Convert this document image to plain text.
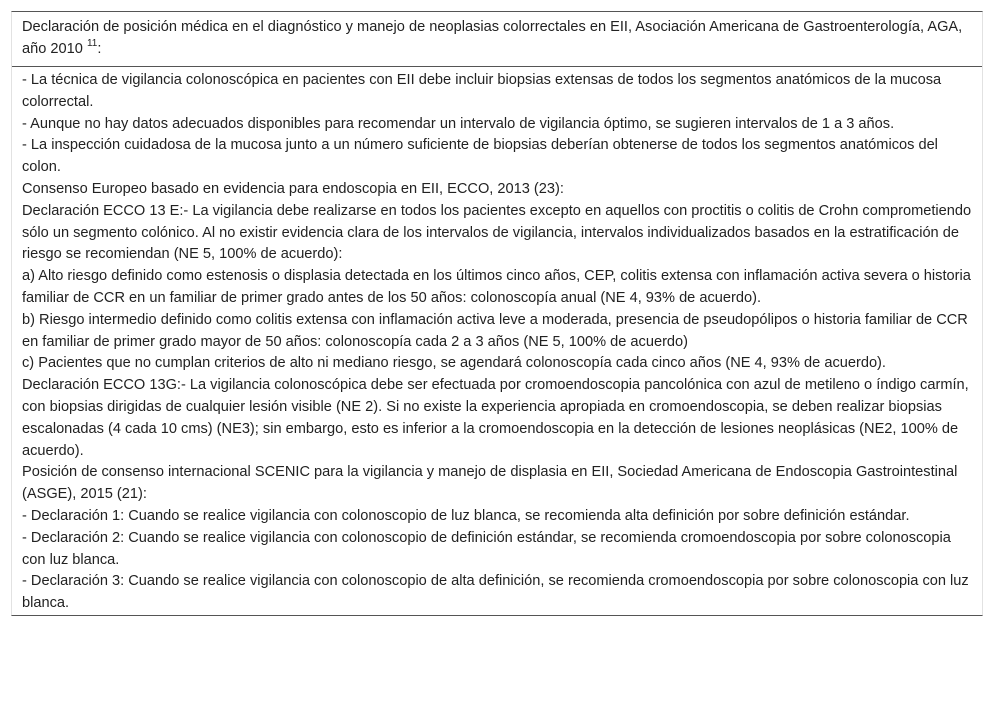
Declaración de posición médica en el diagnóstico y manejo de neoplasias colorrectales en EII, Asociación Americana de Gastroenterología, AGA, año 2010 $^{11}$:

- La técnica de vigilancia colonoscópica en pacientes con EII debe incluir biopsias extensas de todos los segmentos anatómicos de la mucosa colorrectal.

- Aunque no hay datos adecuados disponibles para recomendar un intervalo de vigilancia óptimo, se sugieren intervalos de 1 a 3 años.

- La inspección cuidadosa de la mucosa junto a un número suficiente de biopsias deberían obtenerse de todos los segmentos anatómicos del colon.

Consenso Europeo basado en evidencia para endoscopia en EII, ECCO, 2013 (23):

Declaración ECCO 13 E:- La vigilancia debe realizarse en todos los pacientes excepto en aquellos con proctitis o colitis de Crohn comprometiendo sólo un segmento colónico. Al no existir evidencia clara de los intervalos de vigilancia, intervalos individualizados basados en la estratificación de riesgo se recomiendan (NE 5, 100% de acuerdo):

a) Alto riesgo definido como estenosis o displasia detectada en los últimos cinco años, CEP, colitis extensa con inflamación activa severa o historia familiar de CCR en un familiar de primer grado antes de los 50 años: colonoscopía anual (NE 4, 93% de acuerdo).

b) Riesgo intermedio definido como colitis extensa con inflamación activa leve a moderada, presencia de pseudopólipos o historia familiar de CCR en familiar de primer grado mayor de 50 años: colonoscopía cada 2 a 3 años (NE 5, 100% de acuerdo)

c) Pacientes que no cumplan criterios de alto ni mediano riesgo, se agendará colonoscopía cada cinco años (NE 4, 93% de acuerdo).

Declaración ECCO 13G:- La vigilancia colonoscópica debe ser efectuada por cromoendoscopia pancolónica con azul de metileno o índigo carmín, con biopsias dirigidas de cualquier lesión visible (NE 2). Si no existe la experiencia apropiada en cromoendoscopia, se deben realizar biopsias escalonadas (4 cada 10 cms) (NE3); sin embargo, esto es inferior a la cromoendoscopia en la detección de lesiones neoplásicas (NE2, 100% de acuerdo).

Posición de consenso internacional SCENIC para la vigilancia y manejo de displasia en EII, Sociedad Americana de Endoscopia Gastrointestinal (ASGE), 2015 (21):

- Declaración 1: Cuando se realice vigilancia con colonoscopio de luz blanca, se recomienda alta definición por sobre definición estándar.

- Declaración 2: Cuando se realice vigilancia con colonoscopio de definición estándar, se recomienda cromoendoscopia por sobre colonoscopia con luz blanca.

- Declaración 3: Cuando se realice vigilancia con colonoscopio de alta definición, se recomienda cromoendoscopia por sobre colonoscopia con luz blanca.
